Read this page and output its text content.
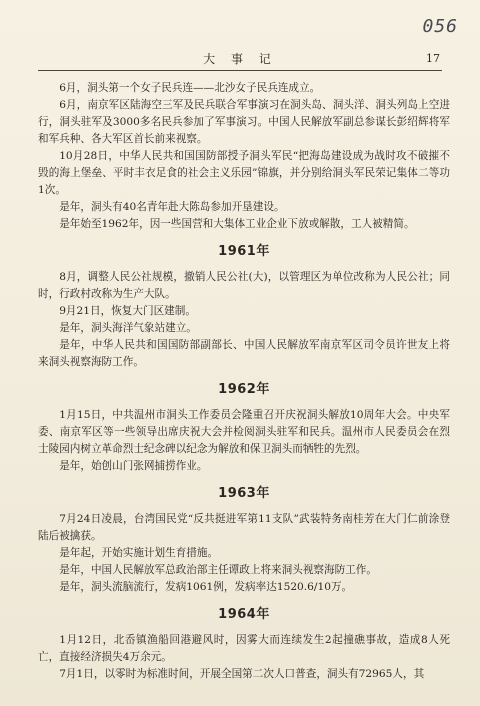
056
大 事 记	17

6月，洞头第一个女子民兵连——北沙女子民兵连成立。

6月，南京军区陆海空三军及民兵联合军事演习在洞头岛、洞头洋、洞头列岛上空进行，洞头驻军及3000多名民兵参加了军事演习。中国人民解放军副总参谋长彭绍辉将军和军兵种、各大军区首长前来视察。

10月28日，中华人民共和国国防部授予洞头军民“把海岛建设成为战时攻不破摧不毁的海上堡垒、平时丰衣足食的社会主义乐园”锦旗，并分别给洞头军民荣记集体二等功1次。

是年，洞头有40名青年赴大陈岛参加开垦建设。

是年始至1962年，因一些国营和大集体工业企业下放或解散，工人被精简。

1961年

8月，调整人民公社规模，撤销人民公社(大)，以管理区为单位改称为人民公社；同时，行政村改称为生产大队。

9月21日，恢复大门区建制。

是年，洞头海洋气象站建立。

是年，中华人民共和国国防部副部长、中国人民解放军南京军区司令员许世友上将来洞头视察海防工作。

1962年

1月15日，中共温州市洞头工作委员会隆重召开庆祝洞头解放10周年大会。中央军委、南京军区等一些领导出席庆祝大会并检阅洞头驻军和民兵。温州市人民委员会在烈士陵园内树立革命烈士纪念碑以纪念为解放和保卫洞头而牺牲的先烈。

是年，始创山门张网捕捞作业。

1963年

7月24日凌晨，台湾国民党“反共挺进军第11支队”武装特务南桂芳在大门仁前涂登陆后被擒获。

是年起，开始实施计划生育措施。

是年，中国人民解放军总政治部主任谭政上将来洞头视察海防工作。

是年，洞头流脑流行，发病1061例，发病率达1520.6/10万。

1964年

1月12日，北岙镇渔船回港避风时，因雾大而连续发生2起撞礁事故，造成8人死亡，直接经济损失4万余元。

7月1日，以零时为标准时间，开展全国第二次人口普查，洞头有72965人，其
